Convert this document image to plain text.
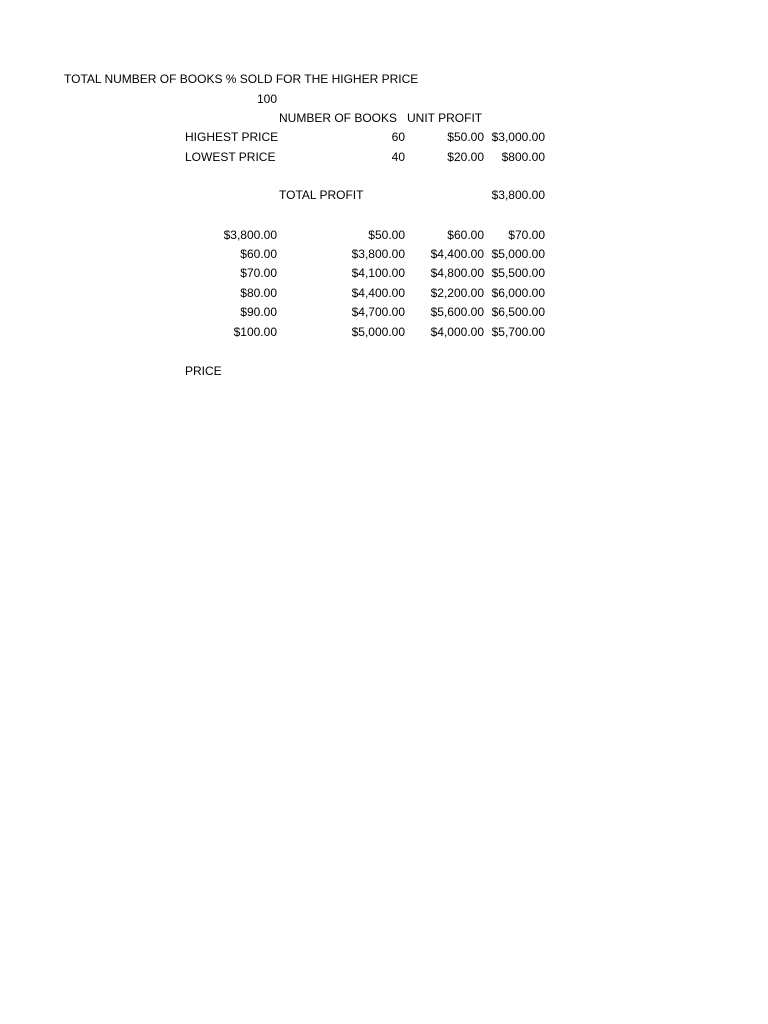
TOTAL NUMBER OF BOOKS % SOLD FOR THE HIGHER PRICE
100
NUMBER OF BOOKS UNIT PROFIT
HIGHEST PRICE	60	$50.00 $3,000.00
LOWEST PRICE	40	$20.00	$800.00
TOTAL PROFIT	$3,800.00
$3,800.00	$50.00	$60.00	$70.00
$60.00	$3,800.00	$4,400.00 $5,000.00
$70.00	$4,100.00	$4,800.00 $5,500.00
$80.00	$4,400.00	$2,200.00 $6,000.00
$90.00	$4,700.00	$5,600.00 $6,500.00
$100.00	$5,000.00	$4,000.00 $5,700.00
PRICE
